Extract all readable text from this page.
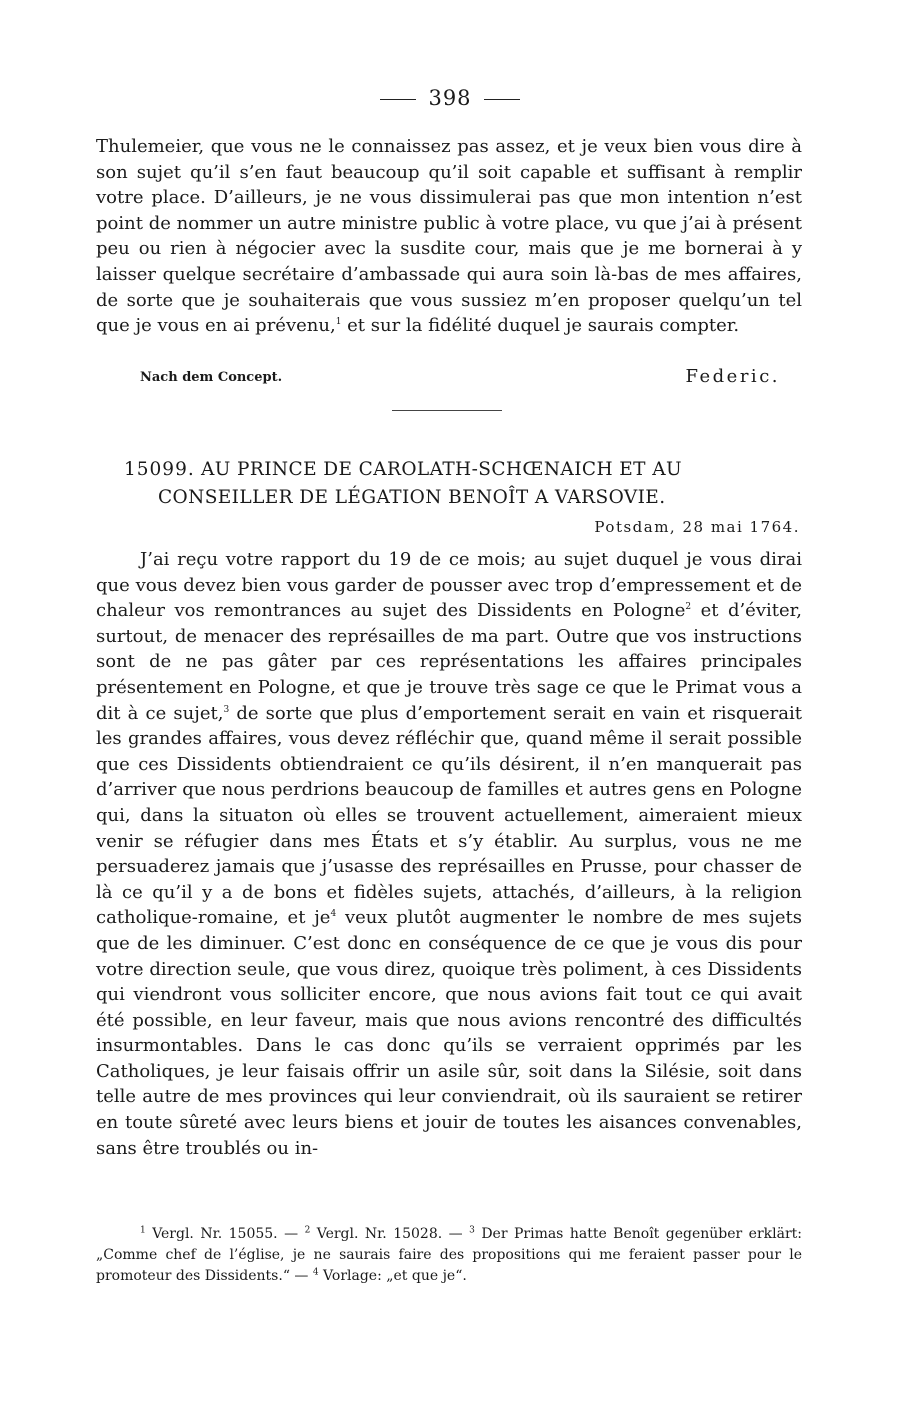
398

Thulemeier, que vous ne le connaissez pas assez, et je veux bien vous dire à son sujet qu’il s’en faut beaucoup qu’il soit capable et suffisant à remplir votre place. D’ailleurs, je ne vous dissimulerai pas que mon intention n’est point de nommer un autre ministre public à votre place, vu que j’ai à présent peu ou rien à négocier avec la susdite cour, mais que je me bornerai à y laisser quelque secrétaire d’ambassade qui aura soin là-bas de mes affaires, de sorte que je souhaiterais que vous sussiez m’en proposer quelqu’un tel que je vous en ai prévenu,$^1$ et sur la fidélité duquel je saurais compter.

Nach dem Concept.	Federic.
15099. AU PRINCE DE CAROLATH-SCHŒNAICH ET AU
CONSEILLER DE LÉGATION BENOÎT A VARSOVIE.
Potsdam, 28 mai 1764.

J’ai reçu votre rapport du 19 de ce mois; au sujet duquel je vous dirai que vous devez bien vous garder de pousser avec trop d’empressement et de chaleur vos remontrances au sujet des Dissidents en Pologne$^2$ et d’éviter, surtout, de menacer des représailles de ma part. Outre que vos instructions sont de ne pas gâter par ces représentations les affaires principales présentement en Pologne, et que je trouve très sage ce que le Primat vous a dit à ce sujet,$^3$ de sorte que plus d’emportement serait en vain et risquerait les grandes affaires, vous devez réfléchir que, quand même il serait possible que ces Dissidents obtiendraient ce qu’ils désirent, il n’en manquerait pas d’arriver que nous perdrions beaucoup de familles et autres gens en Pologne qui, dans la situaton où elles se trouvent actuellement, aimeraient mieux venir se réfugier dans mes États et s’y établir. Au surplus, vous ne me persuaderez jamais que j’usasse des représailles en Prusse, pour chasser de là ce qu’il y a de bons et fidèles sujets, attachés, d’ailleurs, à la religion catholique-romaine, et $je^4$ veux plutôt augmenter le nombre de mes sujets que de les diminuer. C’est donc en conséquence de ce que je vous dis pour votre direction seule, que vous direz, quoique très poliment, à ces Dissidents qui viendront vous solliciter encore, que nous avions fait tout ce qui avait été possible, en leur faveur, mais que nous avions rencontré des difficultés insurmontables. Dans le cas donc qu’ils se verraient opprimés par les Catholiques, je leur faisais offrir un asile sûr, soit dans la Silésie, soit dans telle autre de mes provinces qui leur conviendrait, où ils sauraient se retirer en toute sûreté avec leurs biens et jouir de toutes les aisances convenables, sans être troublés ou in-

$^1$ Vergl. Nr. 15055. — $^2$ Vergl. Nr. 15028. — $^3$ Der Primas hatte Benoît gegenüber erklärt: „Comme chef de l’église, je ne saurais faire des propositions qui me feraient passer pour le promoteur des Dissidents.“ — $^4$ Vorlage: „et que je“.
